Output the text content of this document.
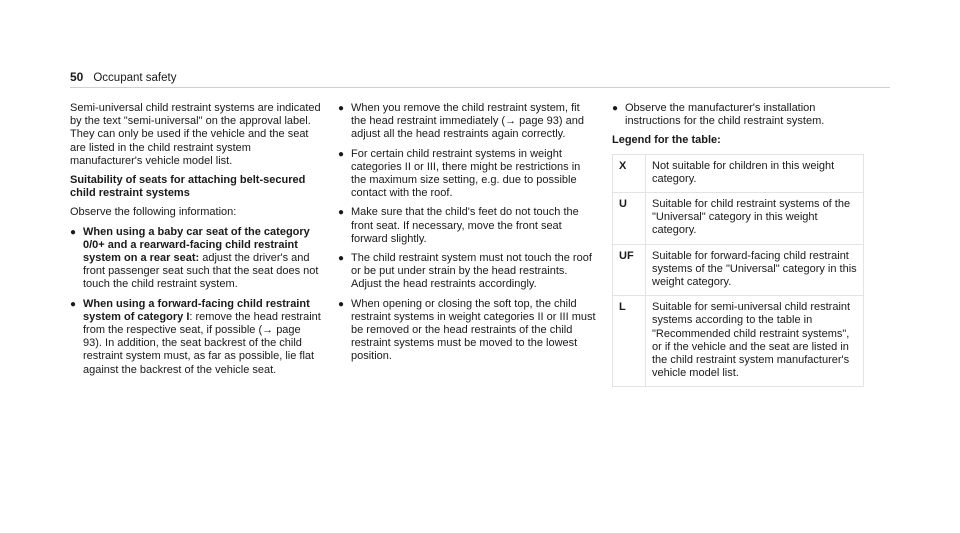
50 Occupant safety

Semi-universal child restraint systems are indicated by the text "semi-universal" on the approval label. They can only be used if the vehicle and the seat are listed in the child restraint system manufacturer's vehicle model list.

Suitability of seats for attaching belt-secured child restraint systems

Observe the following information:

● When using a baby car seat of the category 0/0+ and a rearward-facing child restraint system on a rear seat: adjust the driver's and front passenger seat such that the seat does not touch the child restraint system.
● When using a forward-facing child restraint system of category I: remove the head restraint from the respective seat, if possible (→ page 93). In addition, the seat backrest of the child restraint system must, as far as possible, lie flat against the backrest of the vehicle seat.
● When you remove the child restraint system, fit the head restraint immediately (→ page 93) and adjust all the head restraints again correctly.
● For certain child restraint systems in weight categories II or III, there might be restrictions in the maximum size setting, e.g. due to possible contact with the roof.
● Make sure that the child's feet do not touch the front seat. If necessary, move the front seat forward slightly.
● The child restraint system must not touch the roof or be put under strain by the head restraints. Adjust the head restraints accordingly.
● When opening or closing the soft top, the child restraint systems in weight categories II or III must be removed or the head restraints of the child restraint systems must be moved to the lowest position.
● Observe the manufacturer's installation instructions for the child restraint system.
Legend for the table:
X	Not suitable for children in this weight category.
U	Suitable for child restraint systems of the "Universal" category in this weight category.
UF	Suitable for forward-facing child restraint systems of the "Universal" category in this weight category.
L	Suitable for semi-universal child restraint systems according to the table in "Recommended child restraint systems", or if the vehicle and the seat are listed in the child restraint system manufacturer's vehicle model list.
